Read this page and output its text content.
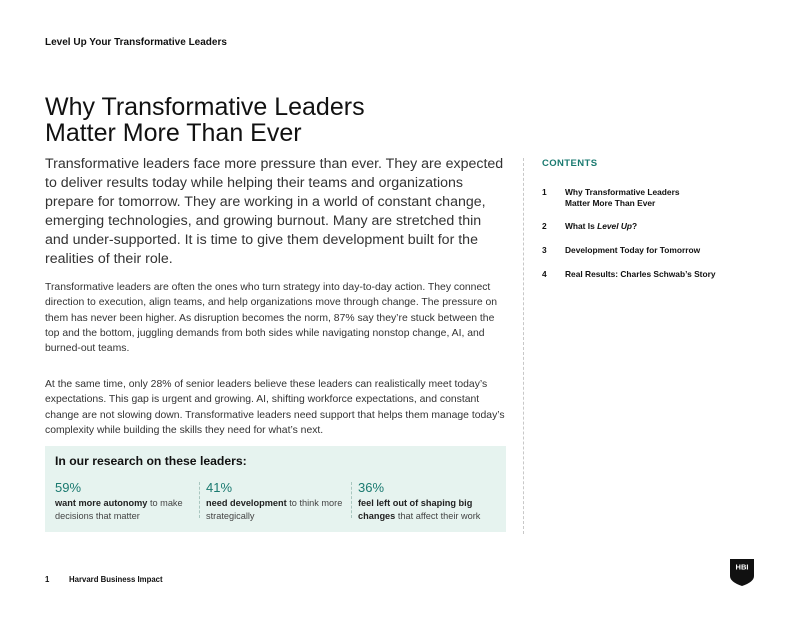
Level Up Your Transformative Leaders
Why Transformative Leaders
Matter More Than Ever

Transformative leaders face more pressure than ever. They are expected to deliver results today while helping their teams and organizations prepare for tomorrow. They are working in a world of constant change, emerging technologies, and growing burnout. Many are stretched thin and under-supported. It is time to give them development built for the realities of their role.

Transformative leaders are often the ones who turn strategy into day-to-day action. They connect direction to execution, align teams, and help organizations move through change. The pressure on them has never been higher. As disruption becomes the norm, 87% say they’re stuck between the top and the bottom, juggling demands from both sides while navigating nonstop change, AI, and burned-out teams.

At the same time, only 28% of senior leaders believe these leaders can realistically meet today’s expectations. This gap is urgent and growing. AI, shifting workforce expectations, and constant change are not slowing down. Transformative leaders need support that helps them manage today’s complexity while building the skills they need for what’s next.

In our research on these leaders:
59%
want more autonomy to make decisions that matter
41%
need development to think more strategically
36%
feel left out of shaping big changes that affect their work
CONTENTS
1 Why Transformative Leaders
Matter More Than Ever
2 What Is Level Up?
3 Development Today for Tomorrow
4 Real Results: Charles Schwab’s Story
1	Harvard Business Impact
HBI
